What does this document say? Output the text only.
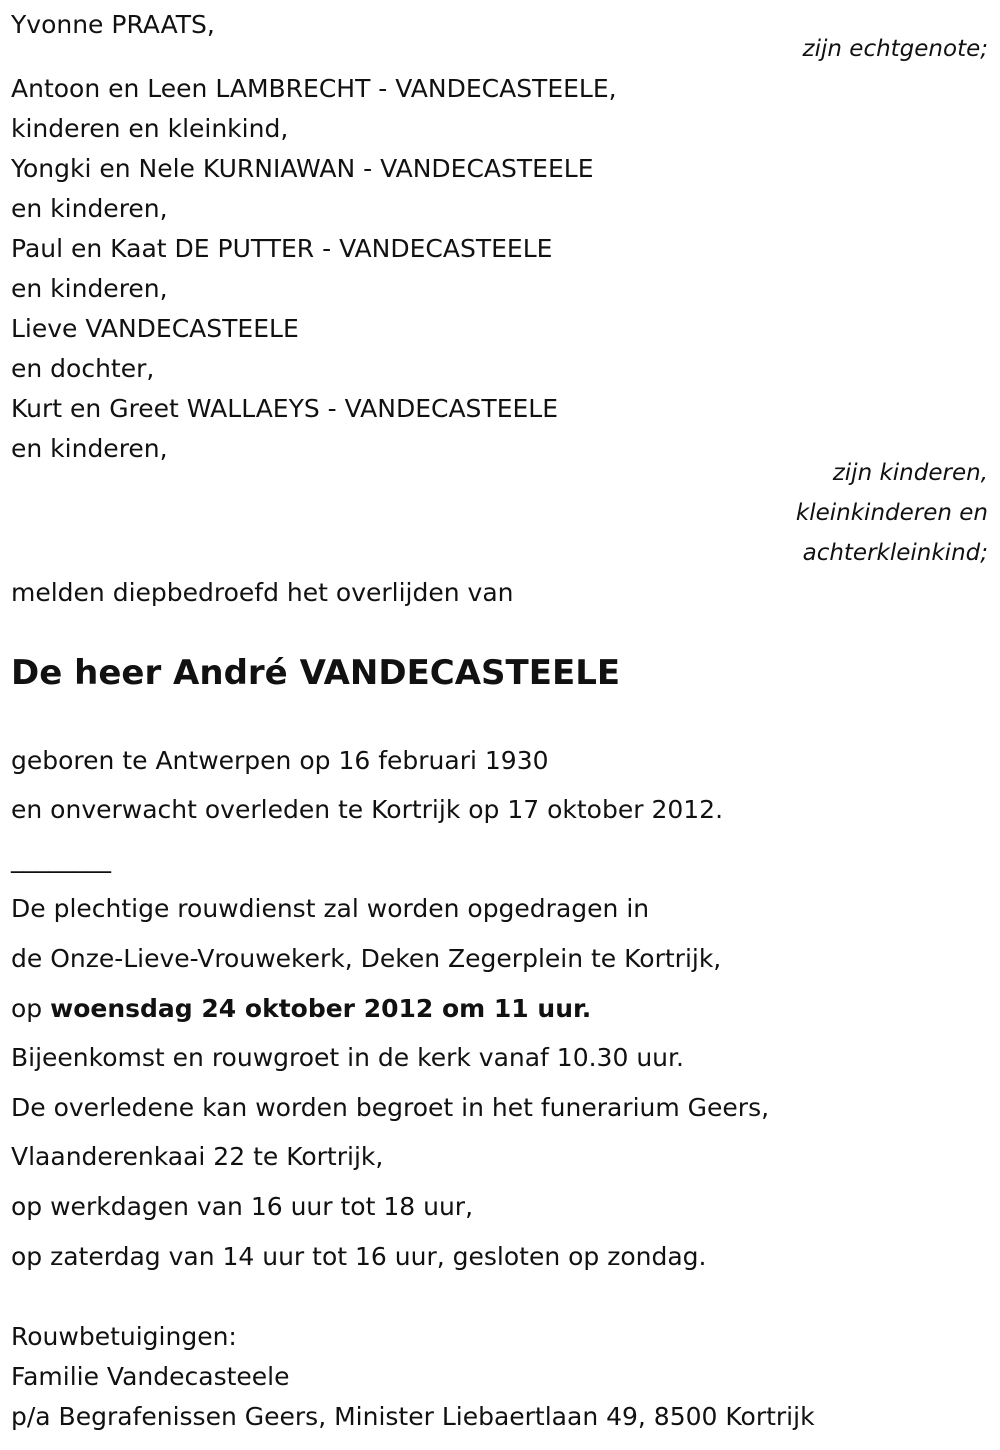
Yvonne PRAATS,
zijn echtgenote;
Antoon en Leen LAMBRECHT - VANDECASTEELE,
kinderen en kleinkind,
Yongki en Nele KURNIAWAN - VANDECASTEELE
en kinderen,
Paul en Kaat DE PUTTER - VANDECASTEELE
en kinderen,
Lieve VANDECASTEELE
en dochter,
Kurt en Greet WALLAEYS - VANDECASTEELE
en kinderen,
zijn kinderen,
kleinkinderen en
achterkleinkind;
melden diepbedroefd het overlijden van
De heer André VANDECASTEELE
geboren te Antwerpen op 16 februari 1930
en onverwacht overleden te Kortrijk op 17 oktober 2012.
________
De plechtige rouwdienst zal worden opgedragen in
de Onze-Lieve-Vrouwekerk, Deken Zegerplein te Kortrijk,
op woensdag 24 oktober 2012 om 11 uur.
Bijeenkomst en rouwgroet in de kerk vanaf 10.30 uur.
De overledene kan worden begroet in het funerarium Geers,
Vlaanderenkaai 22 te Kortrijk,
op werkdagen van 16 uur tot 18 uur,
op zaterdag van 14 uur tot 16 uur, gesloten op zondag.
Rouwbetuigingen:
Familie Vandecasteele
p/a Begrafenissen Geers, Minister Liebaertlaan 49, 8500 Kortrijk
